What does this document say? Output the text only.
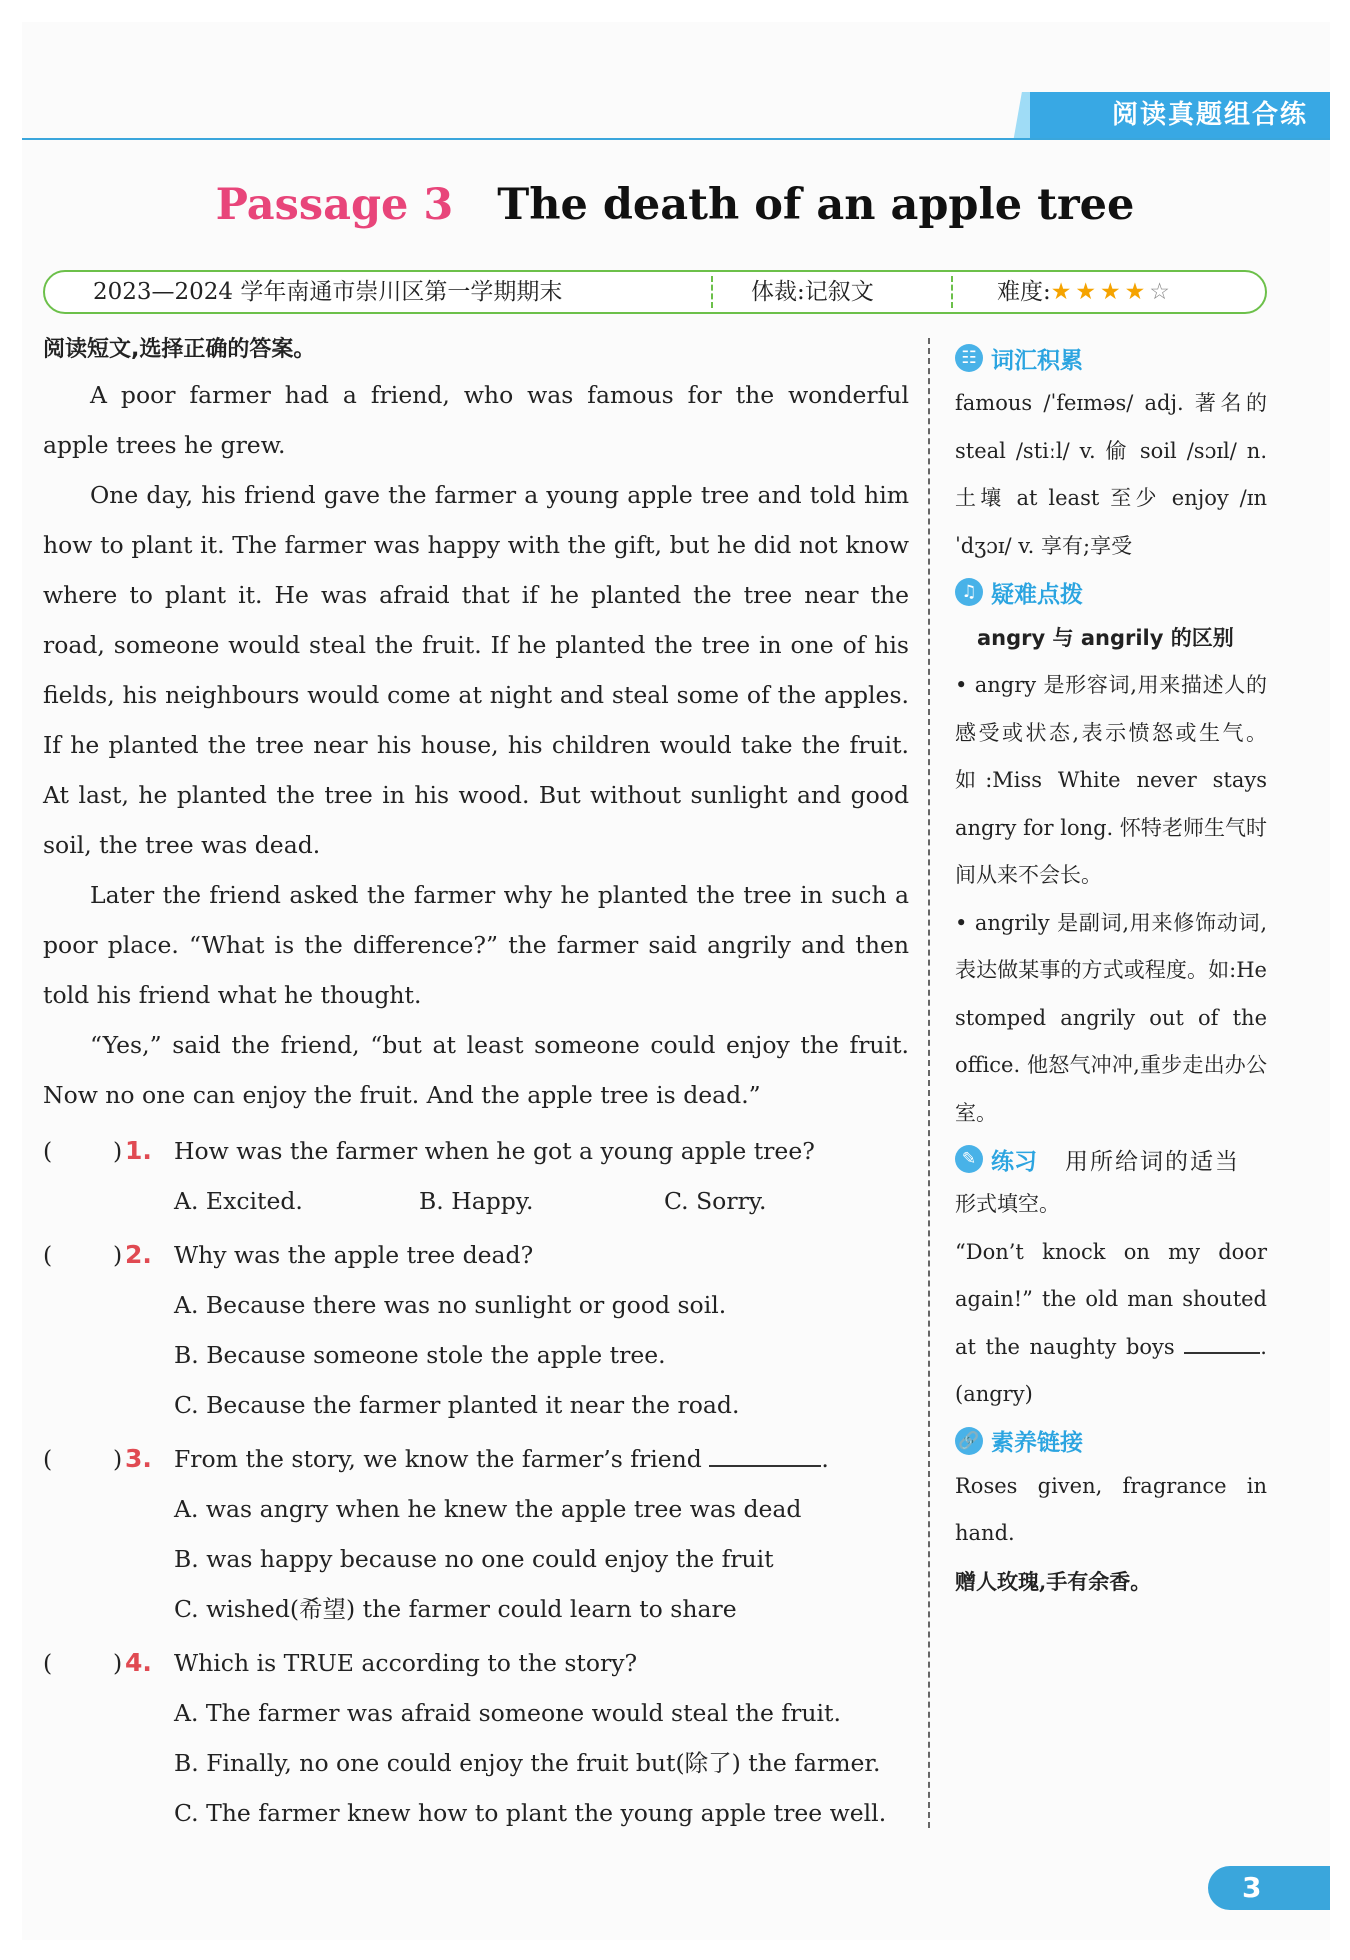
阅读真题组合练
Passage 3 The death of an apple tree
2023—2024 学年南通市崇川区第一学期期末	体裁:记叙文	难度:★★★★☆
阅读短文,选择正确的答案。

A poor farmer had a friend, who was famous for the wonderful apple trees he grew.

One day, his friend gave the farmer a young apple tree and told him how to plant it. The farmer was happy with the gift, but he did not know where to plant it. He was afraid that if he planted the tree near the road, someone would steal the fruit. If he planted the tree in one of his fields, his neighbours would come at night and steal some of the apples. If he planted the tree near his house, his children would take the fruit. At last, he planted the tree in his wood. But without sunlight and good soil, the tree was dead.

Later the friend asked the farmer why he planted the tree in such a poor place. “What is the difference?” the farmer said angrily and then told his friend what he thought.

“Yes,” said the friend, “but at least someone could enjoy the fruit. Now no one can enjoy the fruit. And the apple tree is dead.”

(	) 1. How was the farmer when he got a young apple tree?
A. Excited.	B. Happy.	C. Sorry.
(	) 2. Why was the apple tree dead?
A. Because there was no sunlight or good soil.
B. Because someone stole the apple tree.
C. Because the farmer planted it near the road.
(	) 3. From the story, we know the farmer’s friend	.
A. was angry when he knew the apple tree was dead
B. was happy because no one could enjoy the fruit
C. wished(希望) the farmer could learn to share
(	) 4. Which is TRUE according to the story?
A. The farmer was afraid someone would steal the fruit.
B. Finally, no one could enjoy the fruit but(除了) the farmer.
C. The farmer knew how to plant the young apple tree well.
☷ 词汇积累

famous /ˈfeɪməs/ adj. 著名的 steal /stiːl/ v. 偷 soil /sɔɪl/ n. 土壤 at least 至少 enjoy /ɪnˈdʒɔɪ/ v. 享有;享受

♫ 疑难点拨
angry 与 angrily 的区别

• angry 是形容词,用来描述人的感受或状态,表示愤怒或生气。如:Miss White never stays angry for long. 怀特老师生气时间从来不会长。

• angrily 是副词,用来修饰动词,表达做某事的方式或程度。如:He stomped angrily out of the office. 他怒气冲冲,重步走出办公室。

✎ 练习 用所给词的适当

形式填空。

“Don’t knock on my door again!” the old man shouted at the naughty boys	. (angry)

🔗 素养链接

Roses given, fragrance in hand.

赠人玫瑰,手有余香。
3
